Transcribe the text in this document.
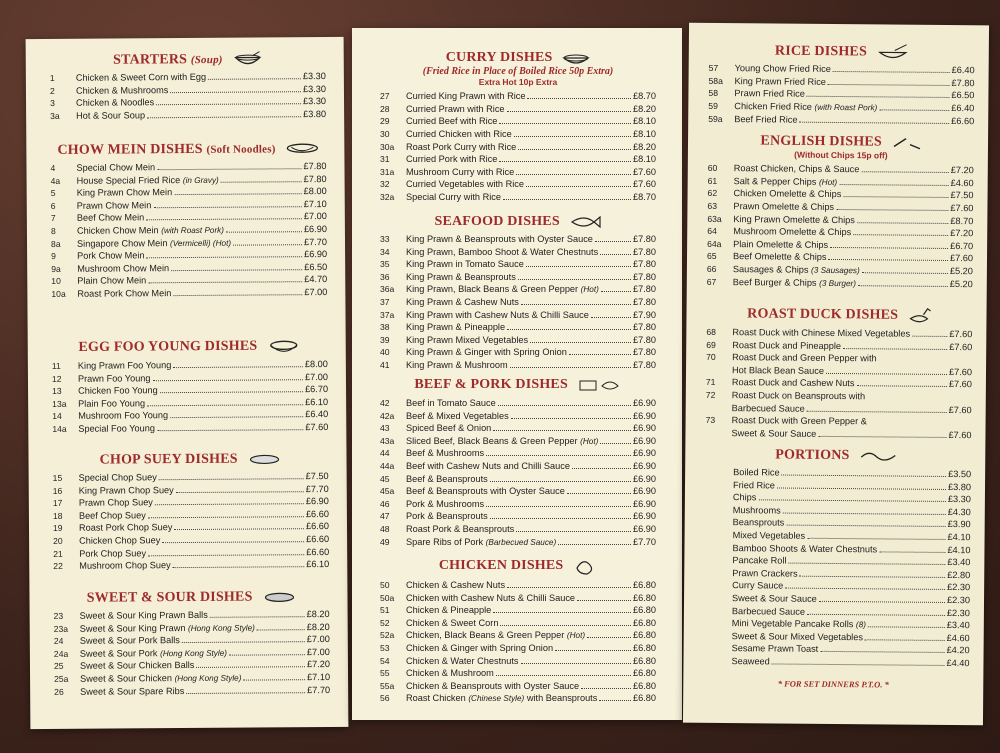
STARTERS (Soup)
1	Chicken & Sweet Corn with Egg	£3.30
2	Chicken & Mushrooms	£3.30
3	Chicken & Noodles	£3.30
3a	Hot & Sour Soup	£3.80
CHOW MEIN DISHES (Soft Noodles)
4	Special Chow Mein	£7.80
4a	House Special Fried Rice (in Gravy)	£7.80
5	King Prawn Chow Mein	£8.00
6	Prawn Chow Mein	£7.10
7	Beef Chow Mein	£7.00
8	Chicken Chow Mein (with Roast Pork)	£6.90
8a	Singapore Chow Mein (Vermicelli) (Hot)	£7.70
9	Pork Chow Mein	£6.90
9a	Mushroom Chow Mein	£6.50
10	Plain Chow Mein	£4.70
10a	Roast Pork Chow Mein	£7.00
EGG FOO YOUNG DISHES
11	King Prawn Foo Young	£8.00
12	Prawn Foo Young	£7.00
13	Chicken Foo Young	£6.70
13a	Plain Foo Young	£6.10
14	Mushroom Foo Young	£6.40
14a	Special Foo Young	£7.60
CHOP SUEY DISHES
15	Special Chop Suey	£7.50
16	King Prawn Chop Suey	£7.70
17	Prawn Chop Suey	£6.90
18	Beef Chop Suey	£6.60
19	Roast Pork Chop Suey	£6.60
20	Chicken Chop Suey	£6.60
21	Pork Chop Suey	£6.60
22	Mushroom Chop Suey	£6.10
SWEET & SOUR DISHES
23	Sweet & Sour King Prawn Balls	£8.20
23a	Sweet & Sour King Prawn (Hong Kong Style)	£8.20
24	Sweet & Sour Pork Balls	£7.00
24a	Sweet & Sour Pork (Hong Kong Style)	£7.00
25	Sweet & Sour Chicken Balls	£7.20
25a	Sweet & Sour Chicken (Hong Kong Style)	£7.10
26	Sweet & Sour Spare Ribs	£7.70
CURRY DISHES
(Fried Rice in Place of Boiled Rice 50p Extra)
Extra Hot 10p Extra
27	Curried King Prawn with Rice	£8.70
28	Curried Prawn with Rice	£8.20
29	Curried Beef with Rice	£8.10
30	Curried Chicken with Rice	£8.10
30a	Roast Pork Curry with Rice	£8.20
31	Curried Pork with Rice	£8.10
31a	Mushroom Curry with Rice	£7.60
32	Curried Vegetables with Rice	£7.60
32a	Special Curry with Rice	£8.70
SEAFOOD DISHES
33	King Prawn & Beansprouts with Oyster Sauce	£7.80
34	King Prawn, Bamboo Shoot & Water Chestnuts	£7.80
35	King Prawn in Tomato Sauce	£7.80
36	King Prawn & Beansprouts	£7.80
36a	King Prawn, Black Beans & Green Pepper (Hot)	£7.80
37	King Prawn & Cashew Nuts	£7.80
37a	King Prawn with Cashew Nuts & Chilli Sauce	£7.90
38	King Prawn & Pineapple	£7.80
39	King Prawn Mixed Vegetables	£7.80
40	King Prawn & Ginger with Spring Onion	£7.80
41	King Prawn & Mushroom	£7.80
BEEF & PORK DISHES
42	Beef in Tomato Sauce	£6.90
42a	Beef & Mixed Vegetables	£6.90
43	Spiced Beef & Onion	£6.90
43a	Sliced Beef, Black Beans & Green Pepper (Hot)	£6.90
44	Beef & Mushrooms	£6.90
44a	Beef with Cashew Nuts and Chilli Sauce	£6.90
45	Beef & Beansprouts	£6.90
45a	Beef & Beansprouts with Oyster Sauce	£6.90
46	Pork & Mushrooms	£6.90
47	Pork & Beansprouts	£6.90
48	Roast Pork & Beansprouts	£6.90
49	Spare Ribs of Pork (Barbecued Sauce)	£7.70
CHICKEN DISHES
50	Chicken & Cashew Nuts	£6.80
50a	Chicken with Cashew Nuts & Chilli Sauce	£6.80
51	Chicken & Pineapple	£6.80
52	Chicken & Sweet Corn	£6.80
52a	Chicken, Black Beans & Green Pepper (Hot)	£6.80
53	Chicken & Ginger with Spring Onion	£6.80
54	Chicken & Water Chestnuts	£6.80
55	Chicken & Mushroom	£6.80
55a	Chicken & Beansprouts with Oyster Sauce	£6.80
56	Roast Chicken (Chinese Style) with Beansprouts	£6.80
RICE DISHES
57	Young Chow Fried Rice	£6.40
58a	King Prawn Fried Rice	£7.80
58	Prawn Fried Rice	£6.50
59	Chicken Fried Rice (with Roast Pork)	£6.40
59a	Beef Fried Rice	£6.60
ENGLISH DISHES
(Without Chips 15p off)
60	Roast Chicken, Chips & Sauce	£7.20
61	Salt & Pepper Chips (Hot)	£4.60
62	Chicken Omelette & Chips	£7.50
63	Prawn Omelette & Chips	£7.60
63a	King Prawn Omelette & Chips	£8.70
64	Mushroom Omelette & Chips	£7.20
64a	Plain Omelette & Chips	£6.70
65	Beef Omelette & Chips	£7.60
66	Sausages & Chips (3 Sausages)	£5.20
67	Beef Burger & Chips (3 Burger)	£5.20
ROAST DUCK DISHES
68	Roast Duck with Chinese Mixed Vegetables	£7.60
69	Roast Duck and Pineapple	£7.60
70	Roast Duck and Green Pepper with
Hot Black Bean Sauce	£7.60
71	Roast Duck and Cashew Nuts	£7.60
72	Roast Duck on Beansprouts with
Barbecued Sauce	£7.60
73	Roast Duck with Green Pepper &
Sweet & Sour Sauce	£7.60
PORTIONS
Boiled Rice	£3.50
Fried Rice	£3.80
Chips	£3.30
Mushrooms	£4.30
Beansprouts	£3.90
Mixed Vegetables	£4.10
Bamboo Shoots & Water Chestnuts	£4.10
Pancake Roll	£3.40
Prawn Crackers	£2.80
Curry Sauce	£2.30
Sweet & Sour Sauce	£2.30
Barbecued Sauce	£2.30
Mini Vegetable Pancake Rolls (8)	£3.40
Sweet & Sour Mixed Vegetables	£4.60
Sesame Prawn Toast	£4.20
Seaweed	£4.40
* FOR SET DINNERS P.T.O. *
